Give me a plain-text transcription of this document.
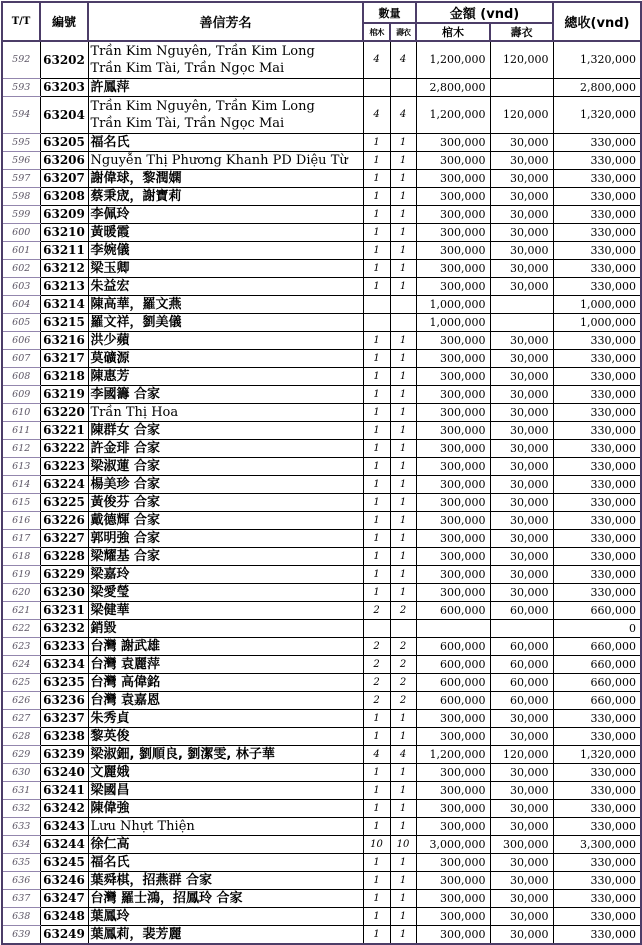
T/T	編號	善信芳名	數量		金額 (vnd)		總收(vnd)
			棺木	壽衣	棺木	壽衣	
592	63202	Trần Kim Nguyên, Trần Kim Long
Trần Kim Tài, Trần Ngọc Mai	4	4	1,200,000	120,000	1,320,000
593	63203	許鳳萍			2,800,000		2,800,000
594	63204	Trần Kim Nguyên, Trần Kim Long
Trần Kim Tài, Trần Ngọc Mai	4	4	1,200,000	120,000	1,320,000
595	63205	福名氏	1	1	300,000	30,000	330,000
596	63206	Nguyễn Thị Phương Khanh PD Diệu Từ	1	1	300,000	30,000	330,000
597	63207	謝偉球，黎潤嫻	1	1	300,000	30,000	330,000
598	63208	蔡秉宬，謝寶莉	1	1	300,000	30,000	330,000
599	63209	李佩玲	1	1	300,000	30,000	330,000
600	63210	黃暖霞	1	1	300,000	30,000	330,000
601	63211	李婉儀	1	1	300,000	30,000	330,000
602	63212	梁玉卿	1	1	300,000	30,000	330,000
603	63213	朱益宏	1	1	300,000	30,000	330,000
604	63214	陳高華，羅文燕			1,000,000		1,000,000
605	63215	羅文祥，劉美儀			1,000,000		1,000,000
606	63216	洪少蘋	1	1	300,000	30,000	330,000
607	63217	莫礦源	1	1	300,000	30,000	330,000
608	63218	陳惠芳	1	1	300,000	30,000	330,000
609	63219	李國籌 合家	1	1	300,000	30,000	330,000
610	63220	Trần Thị Hoa	1	1	300,000	30,000	330,000
611	63221	陳群女 合家	1	1	300,000	30,000	330,000
612	63222	許金琲 合家	1	1	300,000	30,000	330,000
613	63223	梁淑蓮 合家	1	1	300,000	30,000	330,000
614	63224	楊美珍 合家	1	1	300,000	30,000	330,000
615	63225	黃俊芬 合家	1	1	300,000	30,000	330,000
616	63226	戴德輝 合家	1	1	300,000	30,000	330,000
617	63227	郭明強 合家	1	1	300,000	30,000	330,000
618	63228	梁耀基 合家	1	1	300,000	30,000	330,000
619	63229	梁嘉玲	1	1	300,000	30,000	330,000
620	63230	梁愛瑩	1	1	300,000	30,000	330,000
621	63231	梁健華	2	2	600,000	60,000	660,000
622	63232	銷毀					0
623	63233	台灣 謝武雄	2	2	600,000	60,000	660,000
624	63234	台灣 袁麗萍	2	2	600,000	60,000	660,000
625	63235	台灣 高偉銘	2	2	600,000	60,000	660,000
626	63236	台灣 袁嘉恩	2	2	600,000	60,000	660,000
627	63237	朱秀貞	1	1	300,000	30,000	330,000
628	63238	黎英俊	1	1	300,000	30,000	330,000
629	63239	梁淑鈿, 劉順良, 劉潔雯, 林子華	4	4	1,200,000	120,000	1,320,000
630	63240	文麗娥	1	1	300,000	30,000	330,000
631	63241	梁國昌	1	1	300,000	30,000	330,000
632	63242	陳偉強	1	1	300,000	30,000	330,000
633	63243	Lưu Nhựt Thiện	1	1	300,000	30,000	330,000
634	63244	徐仁高	10	10	3,000,000	300,000	3,300,000
635	63245	福名氏	1	1	300,000	30,000	330,000
636	63246	葉舜棋，招燕群 合家	1	1	300,000	30,000	330,000
637	63247	台灣 羅士鴻，招鳳玲 合家	1	1	300,000	30,000	330,000
638	63248	葉鳳玲	1	1	300,000	30,000	330,000
639	63249	葉鳳莉，裴芳麗	1	1	300,000	30,000	330,000
